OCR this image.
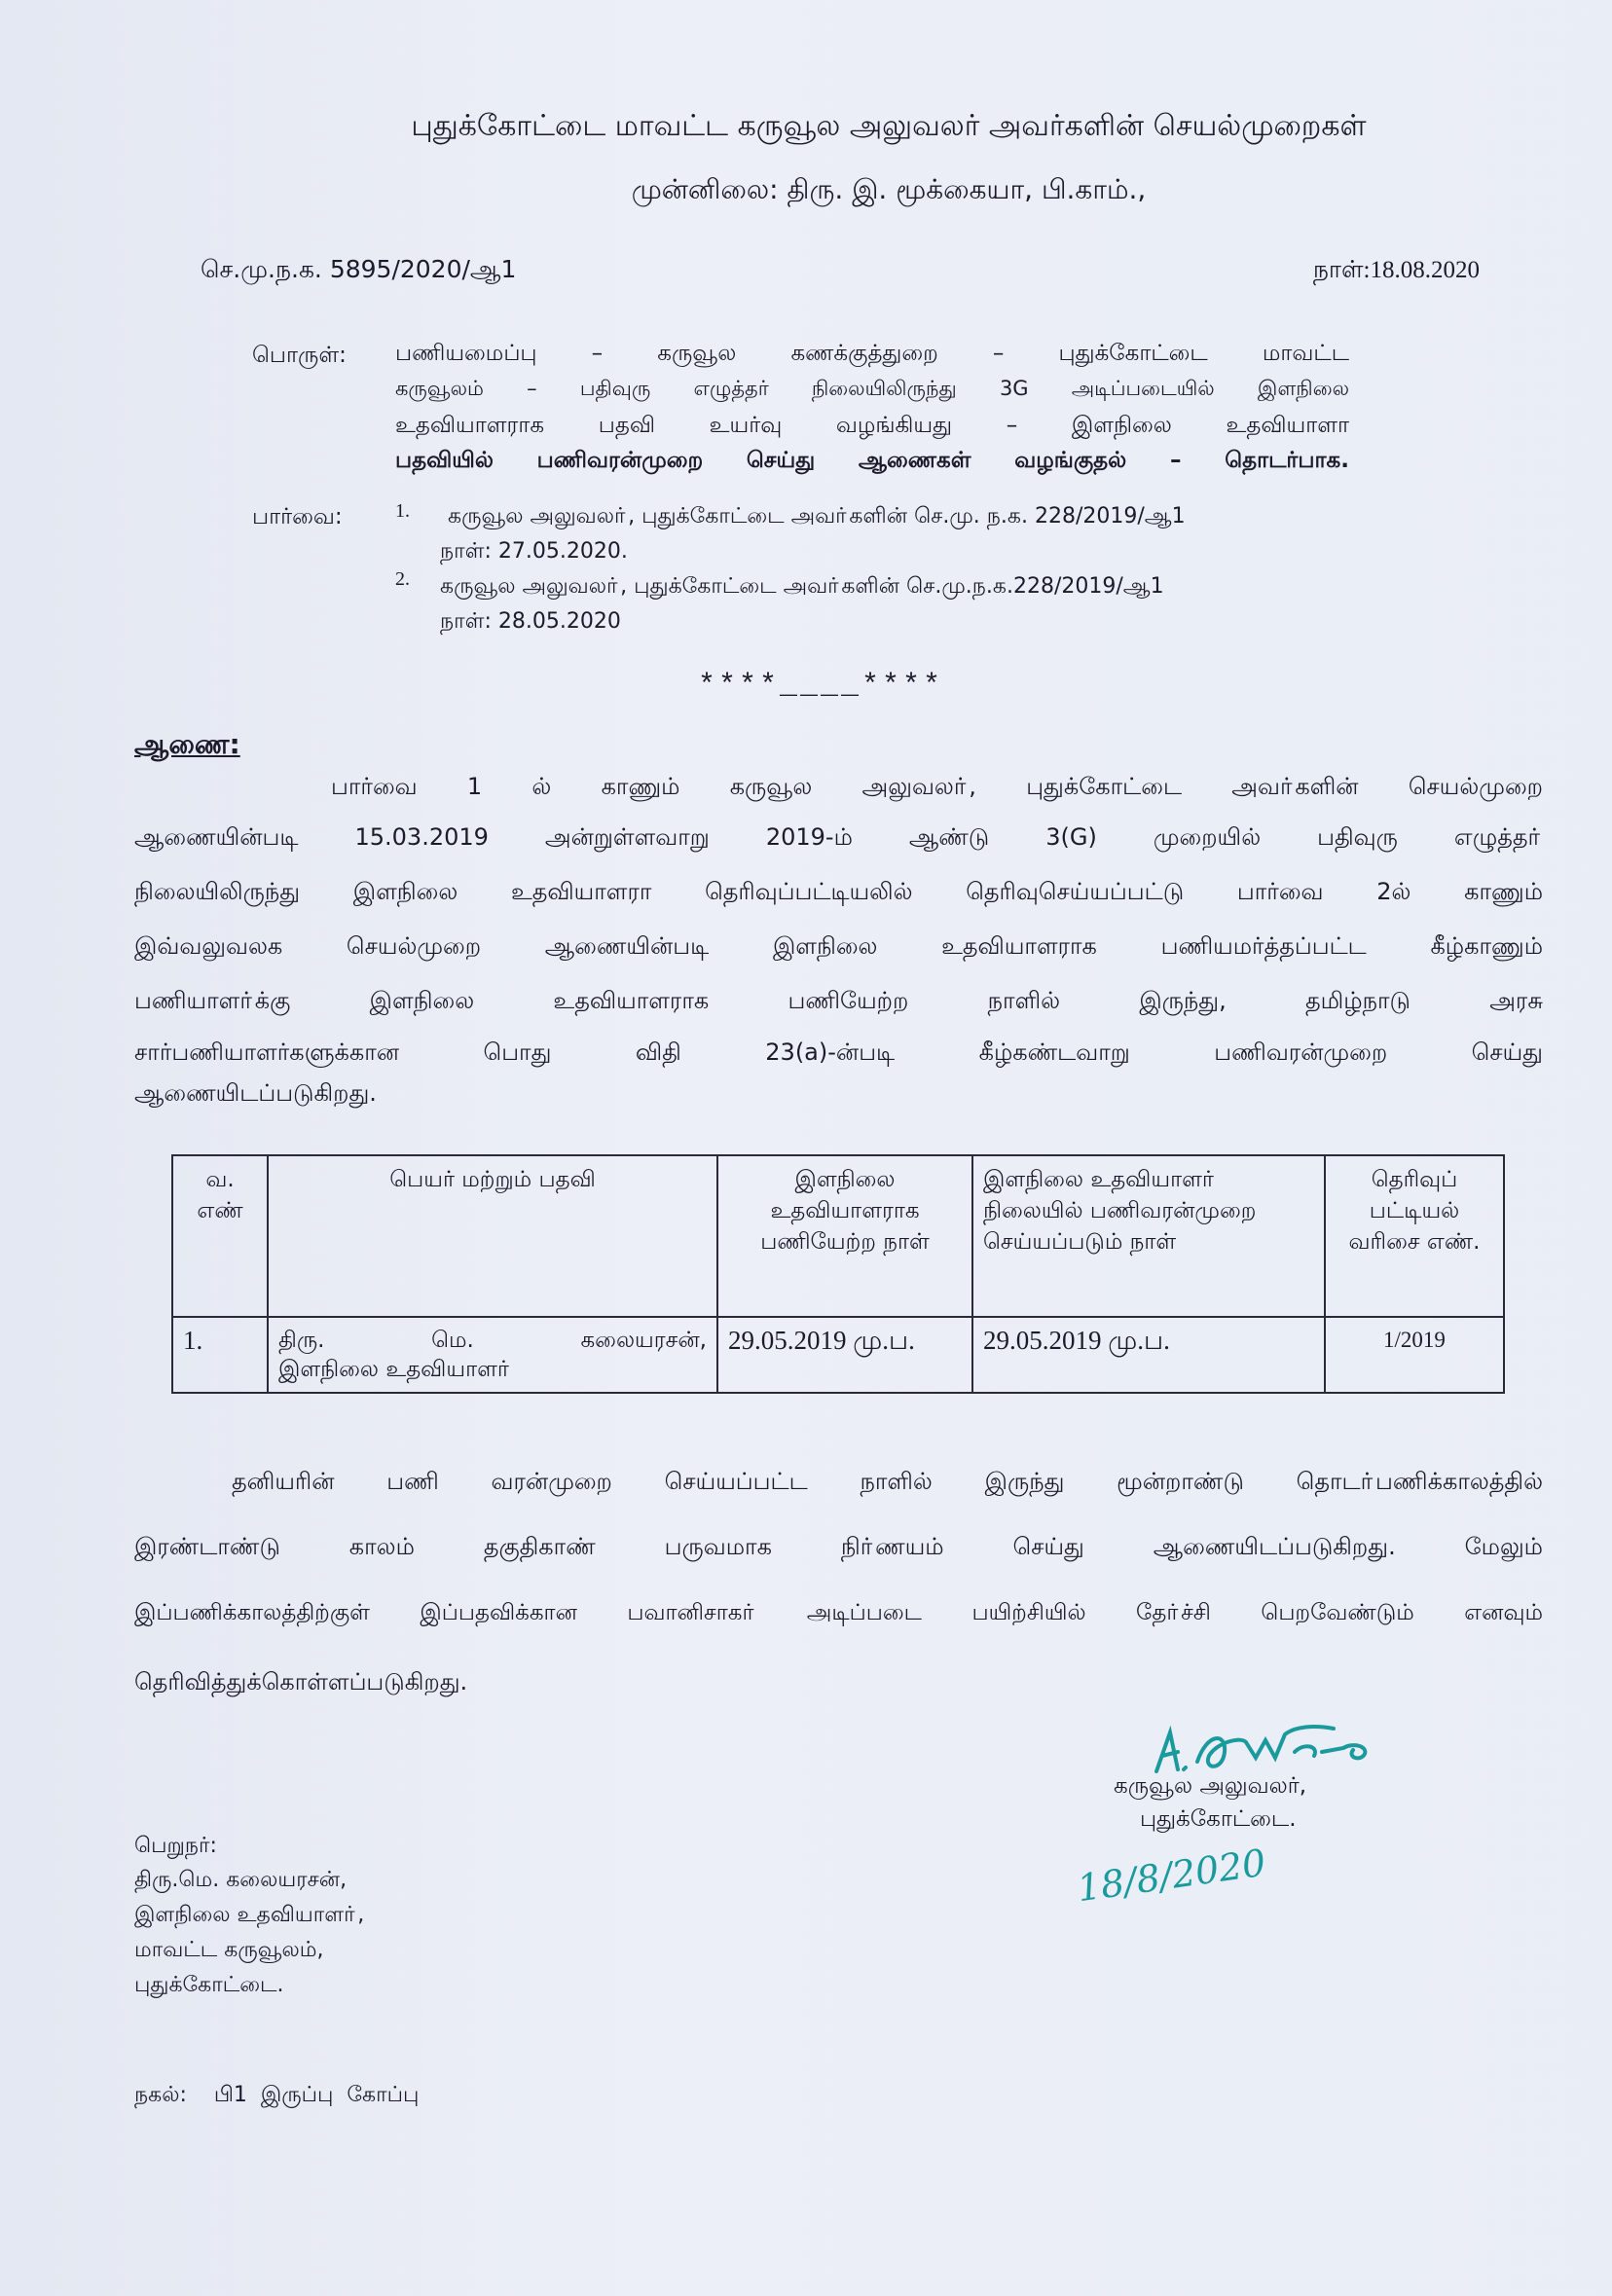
புதுக்கோட்டை மாவட்ட கருவூல அலுவலர் அவர்களின் செயல்முறைகள்
முன்னிலை: திரு. இ. மூக்கையா, பி.காம்.,
செ.மு.ந.க. 5895/2020/ஆ1	நாள்:18.08.2020
பொருள்: பணியமைப்பு – கருவூல கணக்குத்துறை – புதுக்கோட்டை மாவட்ட
கருவூலம் – பதிவுரு எழுத்தர் நிலையிலிருந்து 3G அடிப்படையில் இளநிலை
உதவியாளராக பதவி உயர்வு வழங்கியது – இளநிலை உதவியாளா
பதவியில் பணிவரன்முறை செய்து ஆணைகள் வழங்குதல் – தொடர்பாக.
பார்வை:	1. கருவூல அலுவலா், புதுக்கோட்டை அவா்களின் செ.மு. ந.க. 228/2019/ஆ1
நாள்: 27.05.2020.
2. கருவூல அலுவலா், புதுக்கோட்டை அவா்களின் செ.மு.ந.க.228/2019/ஆ1
நாள்: 28.05.2020
****____****
ஆணை:
பார்வை 1 ல் காணும் கருவூல அலுவலா், புதுக்கோட்டை அவா்களின் செயல்முறை
ஆணையின்படி 15.03.2019 அன்றுள்ளவாறு 2019-ம் ஆண்டு 3(G) முறையில் பதிவுரு எழுத்தா்
நிலையிலிருந்து இளநிலை உதவியாளரா தெரிவுப்பட்டியலில் தெரிவுசெய்யப்பட்டு பார்வை 2ல் காணும்
இவ்வலுவலக செயல்முறை ஆணையின்படி இளநிலை உதவியாளராக பணியமர்த்தப்பட்ட கீழ்காணும்
பணியாளா்க்கு இளநிலை உதவியாளராக பணியேற்ற நாளில் இருந்து, தமிழ்நாடு அரசு
சார்பணியாளர்களுக்கான பொது விதி 23(a)-ன்படி கீழ்கண்டவாறு பணிவரன்முறை செய்து
ஆணையிடப்படுகிறது.
வ. எண்	பெயர் மற்றும் பதவி	இளநிலை உதவியாளராக பணியேற்ற நாள்	இளநிலை உதவியாளா் நிலையில் பணிவரன்முறை செய்யப்படும் நாள்	தெரிவுப் பட்டியல் வரிசை எண்.
1.	திரு. மெ. கலையரசன்,
இளநிலை உதவியாளா்	29.05.2019 மு.ப.	29.05.2019 மு.ப.	1/2019
தனியரின் பணி வரன்முறை செய்யப்பட்ட நாளில் இருந்து மூன்றாண்டு தொடா்பணிக்காலத்தில்
இரண்டாண்டு காலம் தகுதிகாண் பருவமாக நிா்ணயம் செய்து ஆணையிடப்படுகிறது. மேலும்
இப்பணிக்காலத்திற்குள் இப்பதவிக்கான பவானிசாகா் அடிப்படை பயிற்சியில் தோ்ச்சி பெறவேண்டும் எனவும்
தெரிவித்துக்கொள்ளப்படுகிறது.
கருவூல அலுவலர்,
புதுக்கோட்டை.
18/8/2020
பெறுநர்:
திரு.மெ. கலையரசன்,
இளநிலை உதவியாளா்,
மாவட்ட கருவூலம்,
புதுக்கோட்டை.
நகல்:    பி1  இருப்பு  கோப்பு
